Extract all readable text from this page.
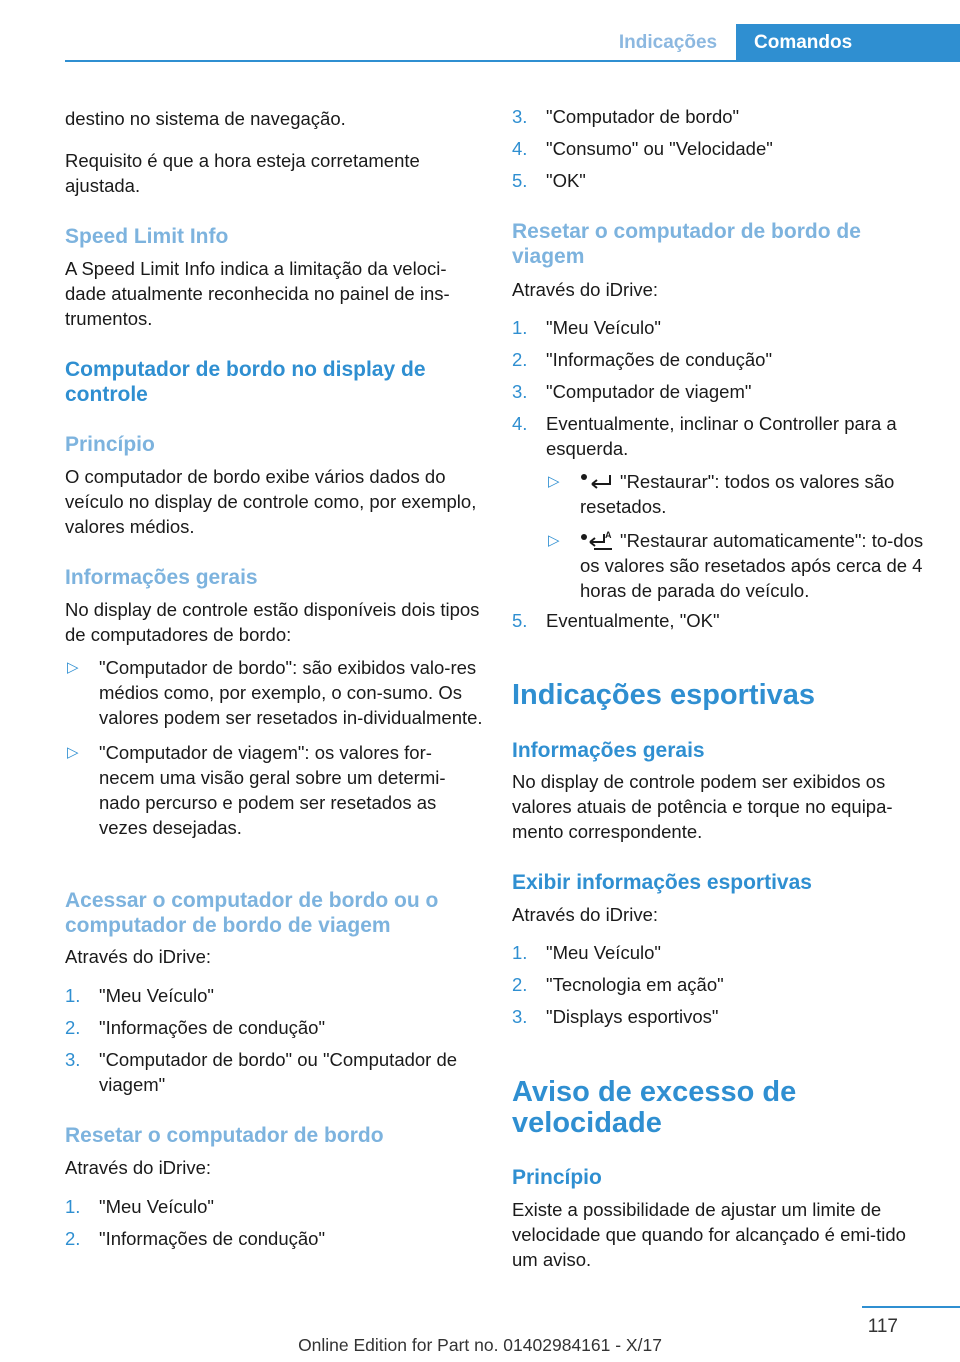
Indicações	Comandos

destino no sistema de navegação.

Requisito é que a hora esteja corretamente ajustada.

Speed Limit Info

A Speed Limit Info indica a limitação da veloci-dade atualmente reconhecida no painel de ins-trumentos.

Computador de bordo no display de controle
Princípio

O computador de bordo exibe vários dados do veículo no display de controle como, por exemplo, valores médios.

Informações gerais

No display de controle estão disponíveis dois tipos de computadores de bordo:

▷ "Computador de bordo": são exibidos valo-res médios como, por exemplo, o con-sumo. Os valores podem ser resetados in-dividualmente.
▷ "Computador de viagem": os valores for-necem uma visão geral sobre um determi-nado percurso e podem ser resetados as vezes desejadas.
Acessar o computador de bordo ou o computador de bordo de viagem

Através do iDrive:

1. "Meu Veículo"
2. "Informações de condução"
3. "Computador de bordo" ou "Computador de viagem"
Resetar o computador de bordo

Através do iDrive:

1. "Meu Veículo"
2. "Informações de condução"
3. "Computador de bordo"
4. "Consumo" ou "Velocidade"
5. "OK"
Resetar o computador de bordo de viagem

Através do iDrive:

1. "Meu Veículo"
2. "Informações de condução"
3. "Computador de viagem"
4. Eventualmente, inclinar o Controller para a esquerda.
▷	"Restaurar": todos os valores são resetados.
▷	A "Restaurar automaticamente": to-dos os valores são resetados após cerca de 4 horas de parada do veículo.
5. Eventualmente, "OK"
Indicações esportivas
Informações gerais

No display de controle podem ser exibidos os valores atuais de potência e torque no equipa-mento correspondente.

Exibir informações esportivas

Através do iDrive:

1. "Meu Veículo"
2. "Tecnologia em ação"
3. "Displays esportivos"
Aviso de excesso de velocidade
Princípio

Existe a possibilidade de ajustar um limite de velocidade que quando for alcançado é emi-tido um aviso.

117
Online Edition for Part no. 01402984161 - X/17
